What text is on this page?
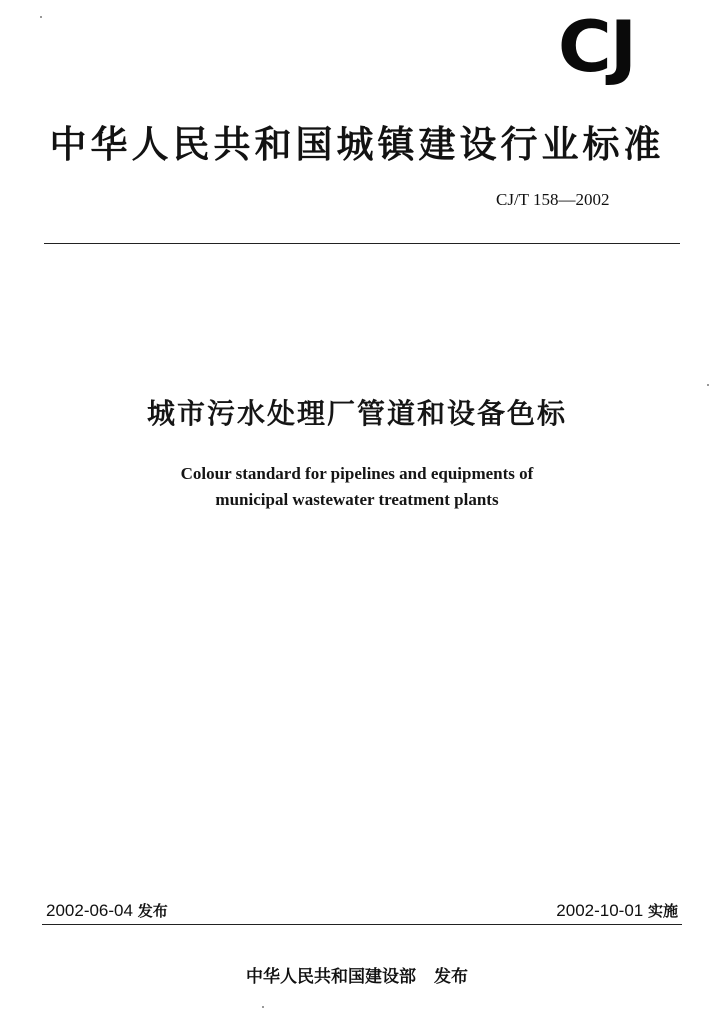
CJ
中华人民共和国城镇建设行业标准
CJ/T 158—2002
城市污水处理厂管道和设备色标
Colour standard for pipelines and equipments of
municipal wastewater treatment plants
2002-06-04 发布	2002-10-01 实施
中华人民共和国建设部 发布
